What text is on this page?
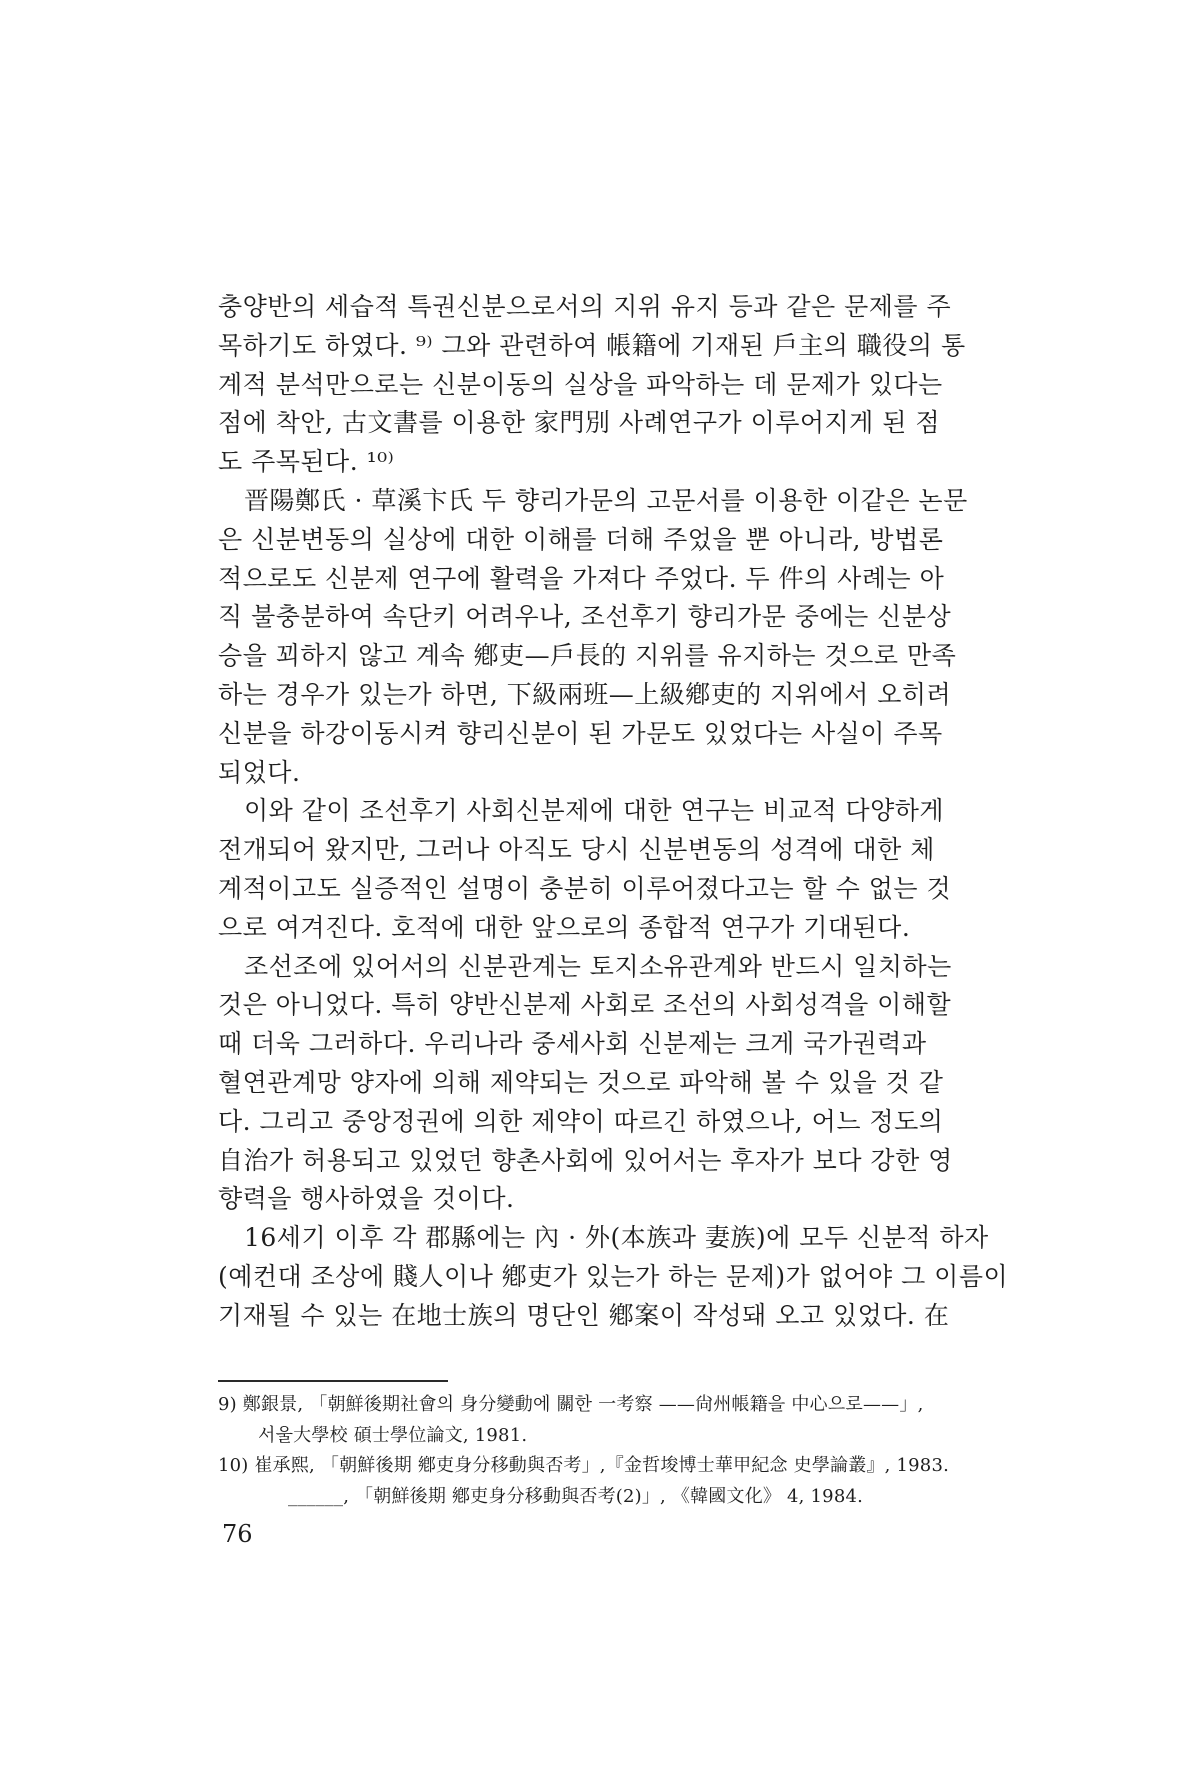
충양반의 세습적 특권신분으로서의 지위 유지 등과 같은 문제를 주
목하기도 하였다. ⁹⁾ 그와 관련하여 帳籍에 기재된 戶主의 職役의 통
계적 분석만으로는 신분이동의 실상을 파악하는 데 문제가 있다는
점에 착안, 古文書를 이용한 家門別 사례연구가 이루어지게 된 점
도 주목된다. ¹⁰⁾
晋陽鄭氏 · 草溪卞氏 두 향리가문의 고문서를 이용한 이같은 논문
은 신분변동의 실상에 대한 이해를 더해 주었을 뿐 아니라, 방법론
적으로도 신분제 연구에 활력을 가져다 주었다. 두 件의 사례는 아
직 불충분하여 속단키 어려우나, 조선후기 향리가문 중에는 신분상
승을 꾀하지 않고 계속 鄕吏—戶長的 지위를 유지하는 것으로 만족
하는 경우가 있는가 하면, 下級兩班—上級鄕吏的 지위에서 오히려
신분을 하강이동시켜 향리신분이 된 가문도 있었다는 사실이 주목
되었다.
이와 같이 조선후기 사회신분제에 대한 연구는 비교적 다양하게
전개되어 왔지만, 그러나 아직도 당시 신분변동의 성격에 대한 체
계적이고도 실증적인 설명이 충분히 이루어졌다고는 할 수 없는 것
으로 여겨진다. 호적에 대한 앞으로의 종합적 연구가 기대된다.
조선조에 있어서의 신분관계는 토지소유관계와 반드시 일치하는
것은 아니었다. 특히 양반신분제 사회로 조선의 사회성격을 이해할
때 더욱 그러하다. 우리나라 중세사회 신분제는 크게 국가권력과
혈연관계망 양자에 의해 제약되는 것으로 파악해 볼 수 있을 것 같
다. 그리고 중앙정권에 의한 제약이 따르긴 하였으나, 어느 정도의
自治가 허용되고 있었던 향촌사회에 있어서는 후자가 보다 강한 영
향력을 행사하였을 것이다.
16세기 이후 각 郡縣에는 內 · 外(本族과 妻族)에 모두 신분적 하자
(예컨대 조상에 賤人이나 鄕吏가 있는가 하는 문제)가 없어야 그 이름이
기재될 수 있는 在地士族의 명단인 鄕案이 작성돼 오고 있었다. 在
9) 鄭銀景, 「朝鮮後期社會의 身分變動에 關한 一考察 ——尙州帳籍을 中心으로——」,
서울大學校 碩士學位論文, 1981.
10) 崔承熙, 「朝鮮後期 鄕吏身分移動與否考」,『金哲埈博士華甲紀念 史學論叢』, 1983.
______, 「朝鮮後期 鄕吏身分移動與否考(2)」, 《韓國文化》 4, 1984.
76
